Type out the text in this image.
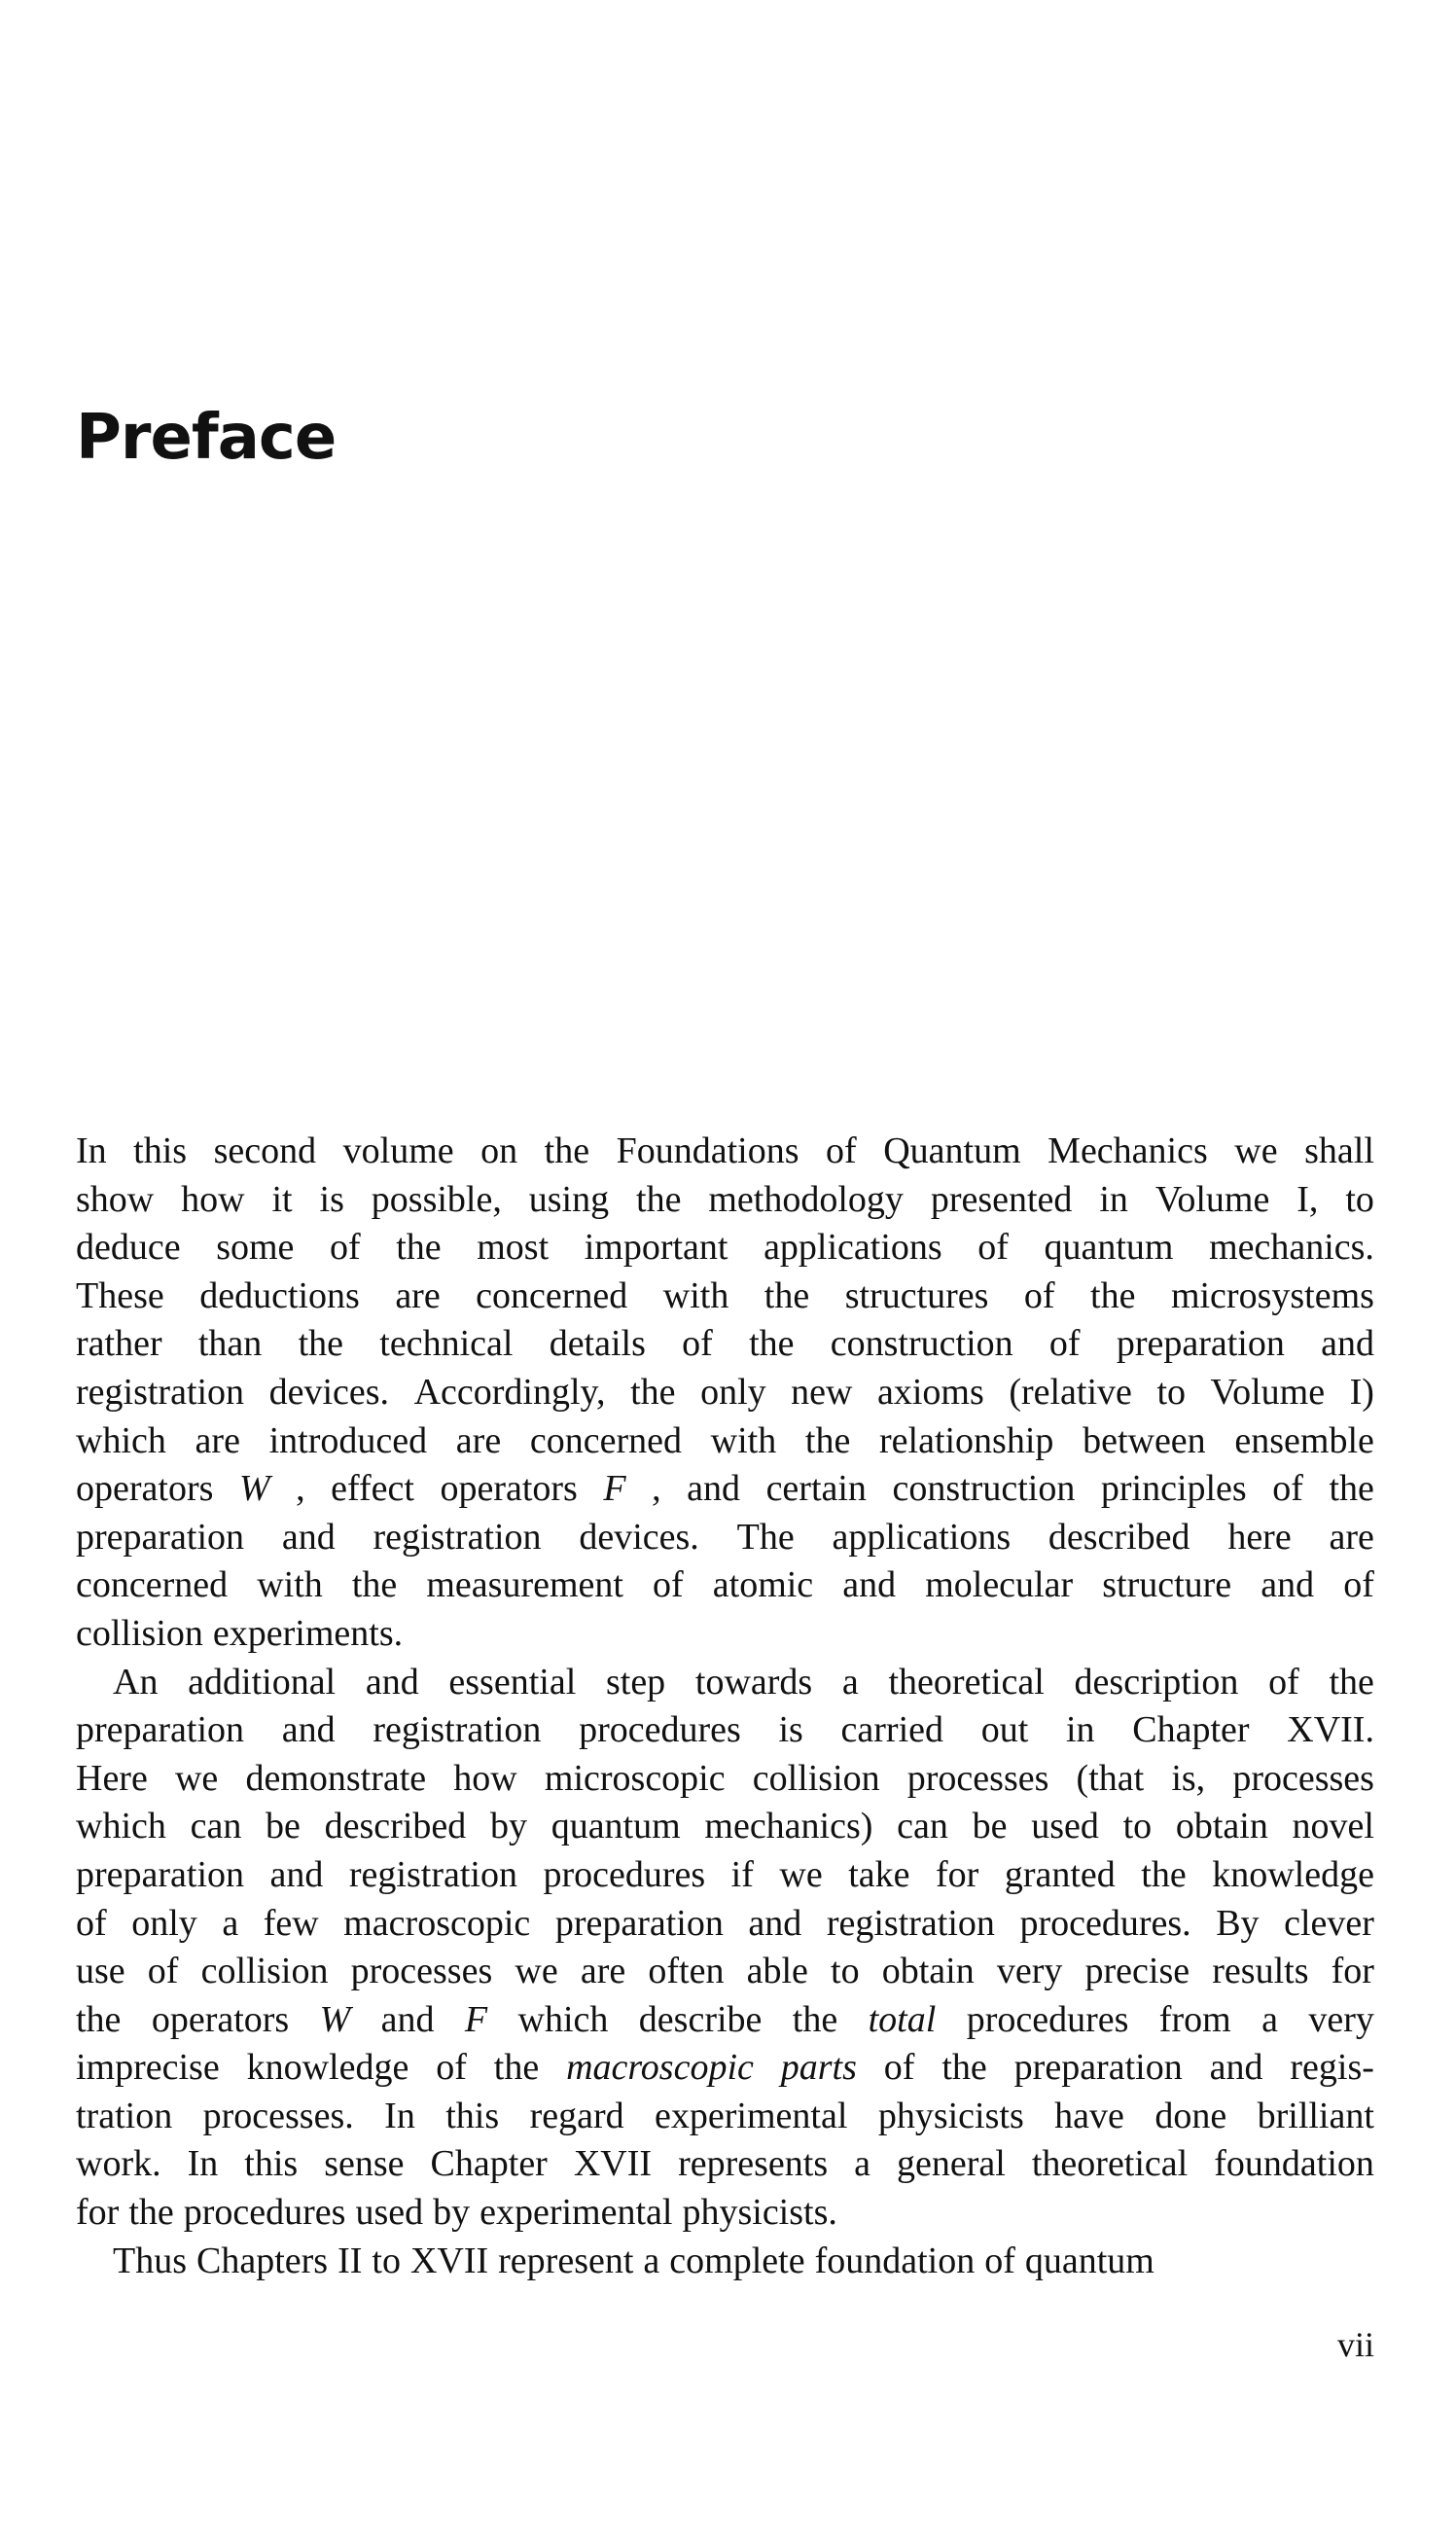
Preface
In this second volume on the Foundations of Quantum Mechanics we shall
show how it is possible, using the methodology presented in Volume I, to
deduce some of the most important applications of quantum mechanics.
These deductions are concerned with the structures of the microsystems
rather than the technical details of the construction of preparation and
registration devices. Accordingly, the only new axioms (relative to Volume I)
which are introduced are concerned with the relationship between ensemble
operators W , effect operators F , and certain construction principles of the
preparation and registration devices. The applications described here are
concerned with the measurement of atomic and molecular structure and of
collision experiments.
An additional and essential step towards a theoretical description of the
preparation and registration procedures is carried out in Chapter XVII.
Here we demonstrate how microscopic collision processes (that is, processes
which can be described by quantum mechanics) can be used to obtain novel
preparation and registration procedures if we take for granted the knowledge
of only a few macroscopic preparation and registration procedures. By clever
use of collision processes we are often able to obtain very precise results for
the operators W and F which describe the total procedures from a very
imprecise knowledge of the macroscopic parts of the preparation and regis-
tration processes. In this regard experimental physicists have done brilliant
work. In this sense Chapter XVII represents a general theoretical foundation
for the procedures used by experimental physicists.
Thus Chapters II to XVII represent a complete foundation of quantum
vii
